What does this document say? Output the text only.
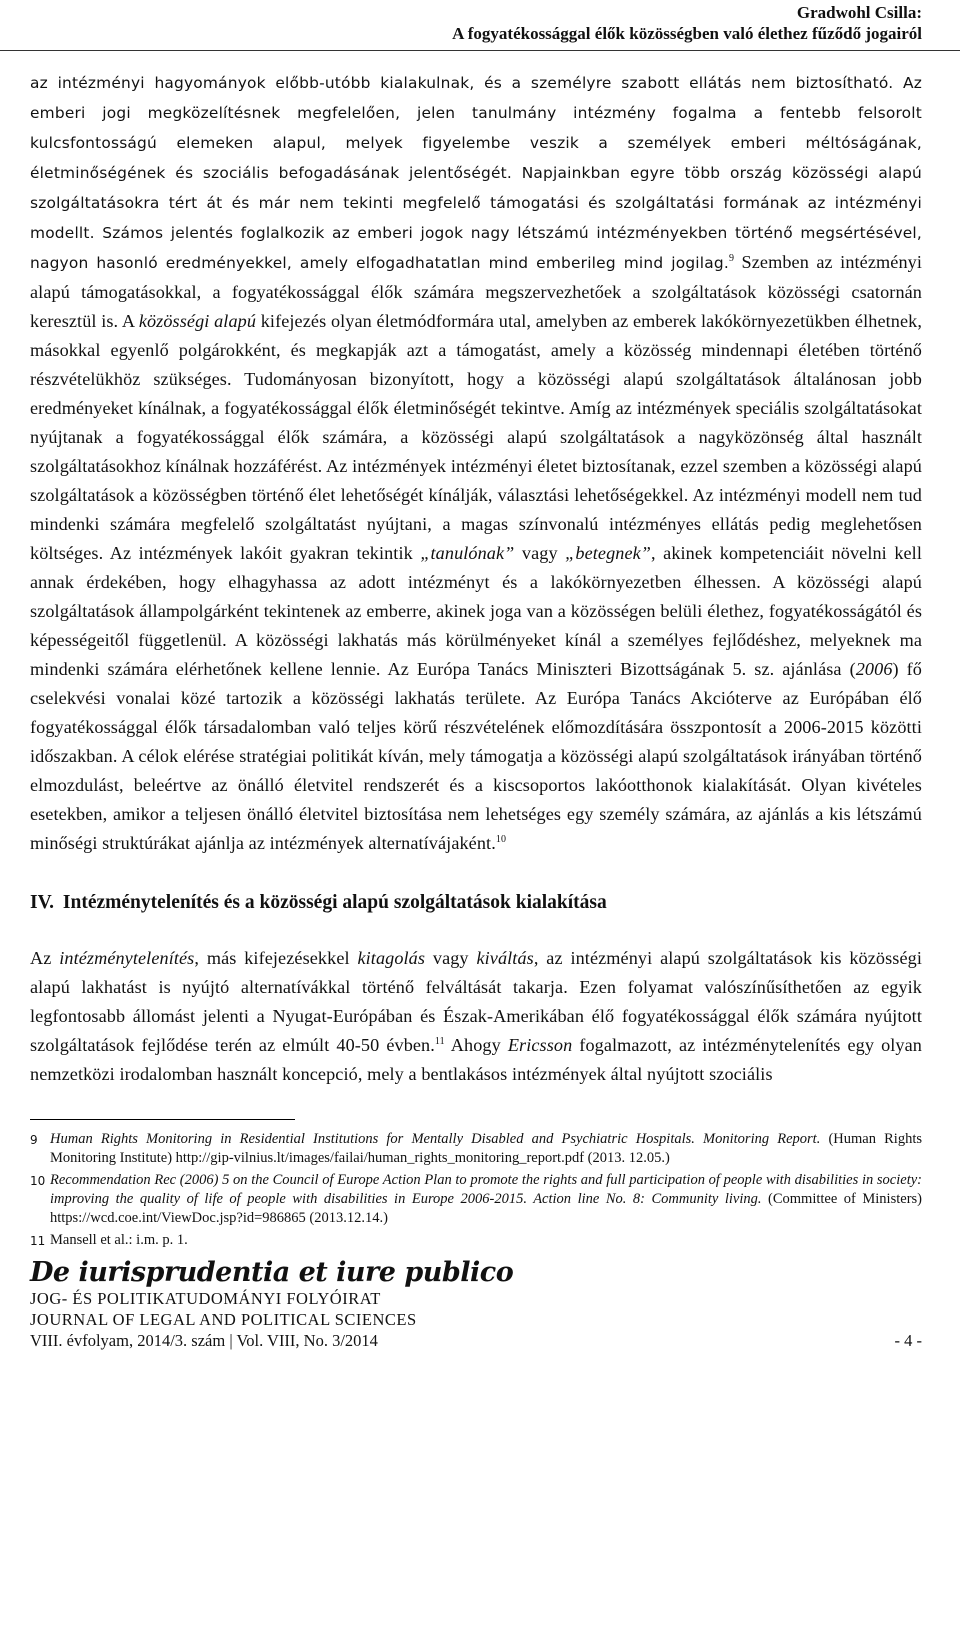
Gradwohl Csilla:
A fogyatékossággal élők közösségben való élethez fűződő jogairól

az intézményi hagyományok előbb-utóbb kialakulnak, és a személyre szabott ellátás nem biztosítható. Az emberi jogi megközelítésnek megfelelően, jelen tanulmány intézmény fogalma a fentebb felsorolt kulcsfontosságú elemeken alapul, melyek figyelembe veszik a személyek emberi méltóságának, életminőségének és szociális befogadásának jelentőségét. Napjainkban egyre több ország közösségi alapú szolgáltatásokra tért át és már nem tekinti megfelelő támogatási és szolgáltatási formának az intézményi modellt. Számos jelentés foglalkozik az emberi jogok nagy létszámú intézményekben történő megsértésével, nagyon hasonló eredményekkel, amely elfogadhatatlan mind emberileg mind jogilag.$^9$ Szemben az intézményi alapú támogatásokkal, a fogyatékossággal élők számára megszervezhetőek a szolgáltatások közösségi csatornán keresztül is. A közösségi alapú kifejezés olyan életmódformára utal, amelyben az emberek lakókörnyezetükben élhetnek, másokkal egyenlő polgárokként, és megkapják azt a támogatást, amely a közösség mindennapi életében történő részvételükhöz szükséges. Tudományosan bizonyított, hogy a közösségi alapú szolgáltatások általánosan jobb eredményeket kínálnak, a fogyatékossággal élők életminőségét tekintve. Amíg az intézmények speciális szolgáltatásokat nyújtanak a fogyatékossággal élők számára, a közösségi alapú szolgáltatások a nagyközönség által használt szolgáltatásokhoz kínálnak hozzáférést. Az intézmények intézményi életet biztosítanak, ezzel szemben a közösségi alapú szolgáltatások a közösségben történő élet lehetőségét kínálják, választási lehetőségekkel. Az intézményi modell nem tud mindenki számára megfelelő szolgáltatást nyújtani, a magas színvonalú intézményes ellátás pedig meglehetősen költséges. Az intézmények lakóit gyakran tekintik „tanulónak” vagy „betegnek”, akinek kompetenciáit növelni kell annak érdekében, hogy elhagyhassa az adott intézményt és a lakókörnyezetben élhessen. A közösségi alapú szolgáltatások állampolgárként tekintenek az emberre, akinek joga van a közösségen belüli élethez, fogyatékosságától és képességeitől függetlenül. A közösségi lakhatás más körülményeket kínál a személyes fejlődéshez, melyeknek ma mindenki számára elérhetőnek kellene lennie. Az Európa Tanács Miniszteri Bizottságának 5. sz. ajánlása (2006) fő cselekvési vonalai közé tartozik a közösségi lakhatás területe. Az Európa Tanács Akcióterve az Európában élő fogyatékossággal élők társadalomban való teljes körű részvételének előmozdítására összpontosít a 2006-2015 közötti időszakban. A célok elérése stratégiai politikát kíván, mely támogatja a közösségi alapú szolgáltatások irányában történő elmozdulást, beleértve az önálló életvitel rendszerét és a kiscsoportos lakóotthonok kialakítását. Olyan kivételes esetekben, amikor a teljesen önálló életvitel biztosítása nem lehetséges egy személy számára, az ajánlás a kis létszámú minőségi struktúrákat ajánlja az intézmények alternatívájaként.$^{10}$

IV. Intézménytelenítés és a közösségi alapú szolgáltatások kialakítása

Az intézménytelenítés, más kifejezésekkel kitagolás vagy kiváltás, az intézményi alapú szolgáltatások kis közösségi alapú lakhatást is nyújtó alternatívákkal történő felváltását takarja. Ezen folyamat valószínűsíthetően az egyik legfontosabb állomást jelenti a Nyugat-Európában és Észak-Amerikában élő fogyatékossággal élők számára nyújtott szolgáltatások fejlődése terén az elmúlt 40-50 évben.$^{11}$ Ahogy Ericsson fogalmazott, az intézménytelenítés egy olyan nemzetközi irodalomban használt koncepció, mely a bentlakásos intézmények által nyújtott szociális

9 Human Rights Monitoring in Residential Institutions for Mentally Disabled and Psychiatric Hospitals. Monitoring Report. (Human Rights Monitoring Institute) http://gip-vilnius.lt/images/failai/human_rights_monitoring_report.pdf (2013. 12.05.)
10 Recommendation Rec (2006) 5 on the Council of Europe Action Plan to promote the rights and full participation of people with disabilities in society: improving the quality of life of people with disabilities in Europe 2006-2015. Action line No. 8: Community living. (Committee of Ministers) https://wcd.coe.int/ViewDoc.jsp?id=986865 (2013.12.14.)
11 Mansell et al.: i.m. p. 1.
De iurisprudentia et iure publico
JOG- ÉS POLITIKATUDOMÁNYI FOLYÓIRAT
JOURNAL OF LEGAL AND POLITICAL SCIENCES
VIII. évfolyam, 2014/3. szám | Vol. VIII, No. 3/2014	- 4 -
